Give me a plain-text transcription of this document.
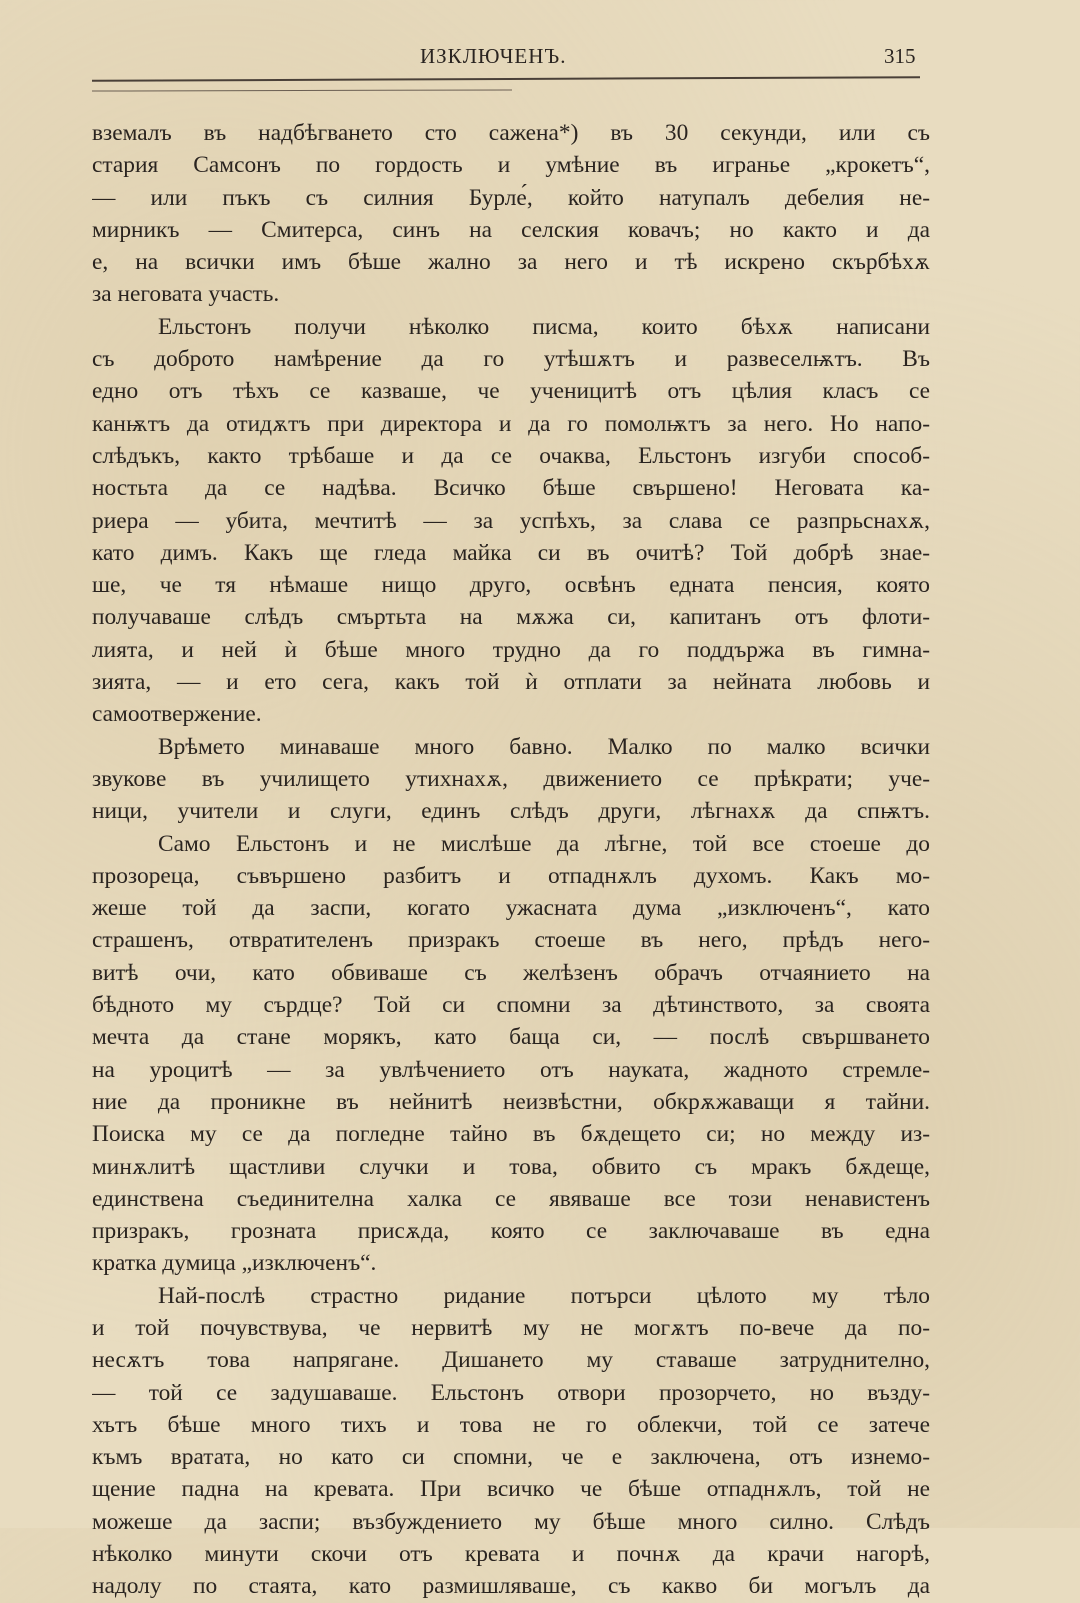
ИЗКЛЮЧЕНЪ.	315
вземалъ въ надбѣгването сто сажена*) въ 30 секунди, или съ
стария Самсонъ по гордость и умѣние въ игранье „крокетъ“,
— или пъкъ съ силния Бурле́, който натупалъ дебелия не-
мирникъ — Смитерса, синъ на селския ковачъ; но както и да
е, на всички имъ бѣше жално за него и тѣ искрено скърбѣхѫ
за неговата участь.
Ельстонъ получи нѣколко писма, които бѣхѫ написани
съ доброто намѣрение да го утѣшѫтъ и развеселѭтъ. Въ
едно отъ тѣхъ се казваше, че ученицитѣ отъ цѣлия класъ се
канѭтъ да отидѫтъ при директора и да го помолѭтъ за него. Но напо-
слѣдъкъ, както трѣбаше и да се очаква, Ельстонъ изгуби способ-
ностьта да се надѣва. Всичко бѣше свършено! Неговата ка-
риера — убита, мечтитѣ — за успѣхъ, за слава се разпрьснахѫ,
като димъ. Какъ ще гледа майка си въ очитѣ? Той добрѣ знае-
ше, че тя нѣмаше нищо друго, освѣнъ едната пенсия, която
получаваше слѣдъ смъртьта на мѫжа си, капитанъ отъ флоти-
лията, и ней ѝ бѣше много трудно да го поддържа въ гимна-
зията, — и ето сега, какъ той ѝ отплати за нейната любовь и
самоотвержение.
Врѣмето минаваше много бавно. Малко по малко всички
звукове въ училището утихнахѫ, движението се прѣкрати; уче-
ници, учители и слуги, единъ слѣдъ други, лѣгнахѫ да спѭтъ.
Само Ельстонъ и не мислѣше да лѣгне, той все стоеше до
прозореца, съвършено разбитъ и отпаднѫлъ духомъ. Какъ мо-
жеше той да заспи, когато ужасната дума „изключенъ“, като
страшенъ, отвратителенъ призракъ стоеше въ него, прѣдъ него-
витѣ очи, като обвиваше съ желѣзенъ обрачъ отчаянието на
бѣдното му сърдце? Той си спомни за дѣтинството, за своята
мечта да стане морякъ, като баща си, — послѣ свършването
на уроцитѣ — за увлѣчението отъ науката, жадното стремле-
ние да проникне въ нейнитѣ неизвѣстни, обкрѫжаващи я тайни.
Поиска му се да погледне тайно въ бѫдещето си; но между из-
минѫлитѣ щастливи случки и това, обвито съ мракъ бѫдеще,
единствена съединителна халка се явяваше все този ненавистенъ
призракъ, грозната присѫда, която се заключаваше въ една
кратка думица „изключенъ“.
Най-послѣ страстно ридание потърси цѣлото му тѣло
и той почувствува, че нервитѣ му не могѫтъ по-вече да по-
несѫтъ това напрягане. Дишането му ставаше затруднително,
— той се задушаваше. Ельстонъ отвори прозорчето, но възду-
хътъ бѣше много тихъ и това не го облекчи, той се затече
къмъ вратата, но като си спомни, че е заключена, отъ изнемо-
щение падна на кревата. При всичко че бѣше отпаднѫлъ, той не
можеше да заспи; възбуждението му бѣше много силно. Слѣдъ
нѣколко минути скочи отъ кревата и почнѫ да крачи нагорѣ,
надолу по стаята, като размишляваше, съ какво би могълъ да
